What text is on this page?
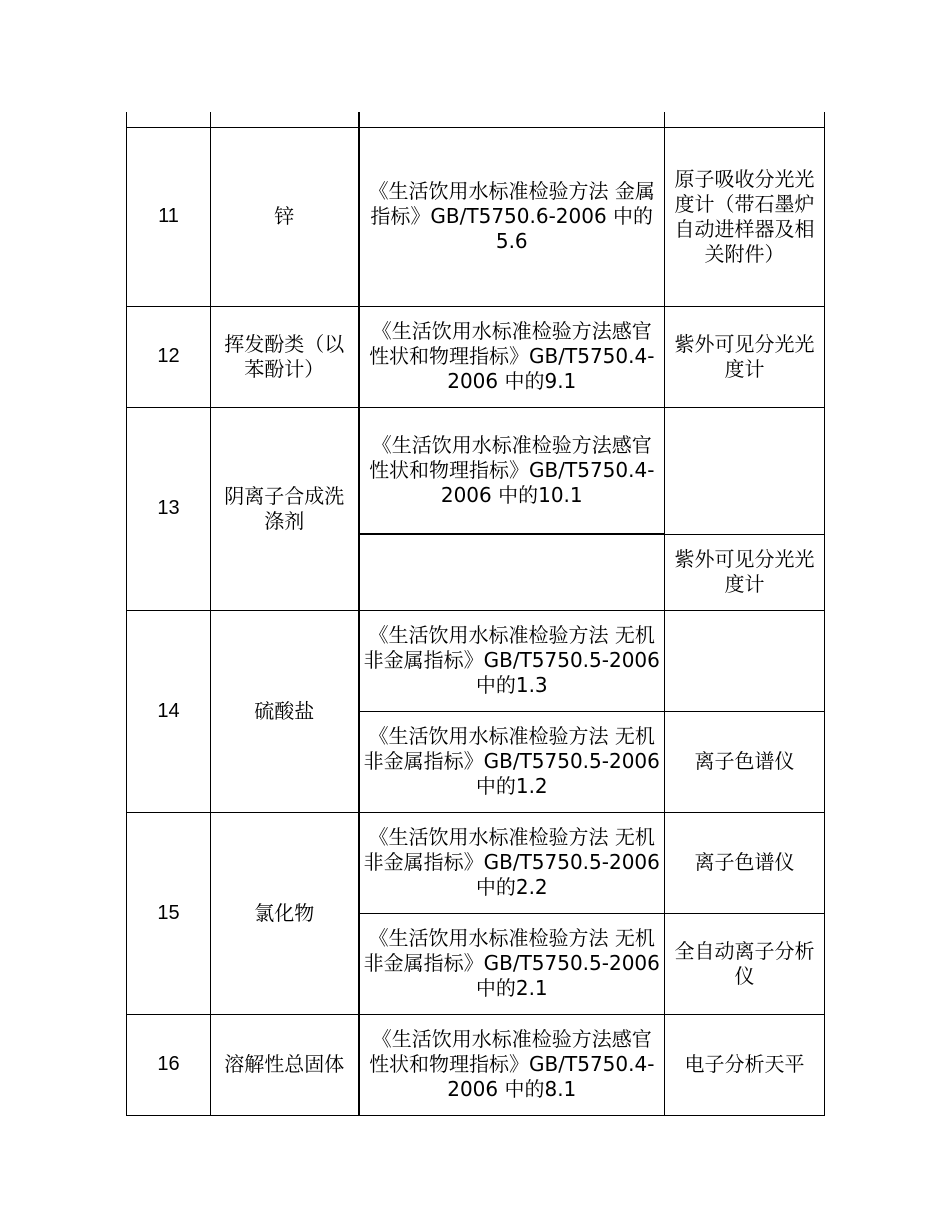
11	锌	《生活饮用水标准检验方法 金属指标》GB/T5750.6-2006 中的5.6	原子吸收分光光度计（带石墨炉自动进样器及相关附件）
12	挥发酚类（以苯酚计）	《生活饮用水标准检验方法感官性状和物理指标》GB/T5750.4-2006 中的9.1	紫外可见分光光度计
13	阴离子合成洗涤剂	《生活饮用水标准检验方法感官性状和物理指标》GB/T5750.4-2006 中的10.1	
			紫外可见分光光度计
14	硫酸盐	《生活饮用水标准检验方法 无机非金属指标》GB/T5750.5-2006 中的1.3	
		《生活饮用水标准检验方法 无机非金属指标》GB/T5750.5-2006 中的1.2	离子色谱仪
15	氯化物	《生活饮用水标准检验方法 无机非金属指标》GB/T5750.5-2006 中的2.2	离子色谱仪
		《生活饮用水标准检验方法 无机非金属指标》GB/T5750.5-2006 中的2.1	全自动离子分析仪
16	溶解性总固体	《生活饮用水标准检验方法感官性状和物理指标》GB/T5750.4-2006 中的8.1	电子分析天平
